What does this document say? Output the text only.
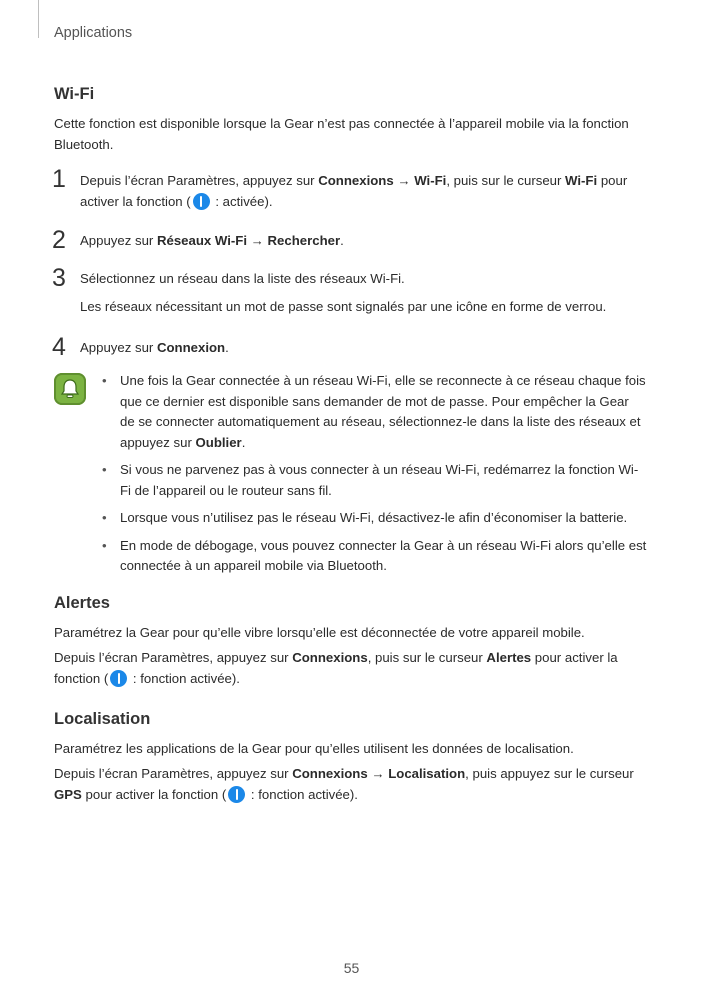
Applications
Wi-Fi

Cette fonction est disponible lorsque la Gear n’est pas connectée à l’appareil mobile via la fonction Bluetooth.

1 Depuis l’écran Paramètres, appuyez sur Connexions → Wi-Fi, puis sur le curseur Wi-Fi pour activer la fonction ( : activée).

2 Appuyez sur Réseaux Wi-Fi → Rechercher.

3 Sélectionnez un réseau dans la liste des réseaux Wi-Fi.

Les réseaux nécessitant un mot de passe sont signalés par une icône en forme de verrou.

4 Appuyez sur Connexion.

• Une fois la Gear connectée à un réseau Wi-Fi, elle se reconnecte à ce réseau chaque fois que ce dernier est disponible sans demander de mot de passe. Pour empêcher la Gear de se connecter automatiquement au réseau, sélectionnez-le dans la liste des réseaux et appuyez sur Oublier.
• Si vous ne parvenez pas à vous connecter à un réseau Wi-Fi, redémarrez la fonction Wi-Fi de l’appareil ou le routeur sans fil.
• Lorsque vous n’utilisez pas le réseau Wi-Fi, désactivez-le afin d’économiser la batterie.
• En mode de débogage, vous pouvez connecter la Gear à un réseau Wi-Fi alors qu’elle est connectée à un appareil mobile via Bluetooth.
Alertes

Paramétrez la Gear pour qu’elle vibre lorsqu’elle est déconnectée de votre appareil mobile.

Depuis l’écran Paramètres, appuyez sur Connexions, puis sur le curseur Alertes pour activer la fonction ( : fonction activée).

Localisation

Paramétrez les applications de la Gear pour qu’elles utilisent les données de localisation.

Depuis l’écran Paramètres, appuyez sur Connexions → Localisation, puis appuyez sur le curseur GPS pour activer la fonction ( : fonction activée).

55
